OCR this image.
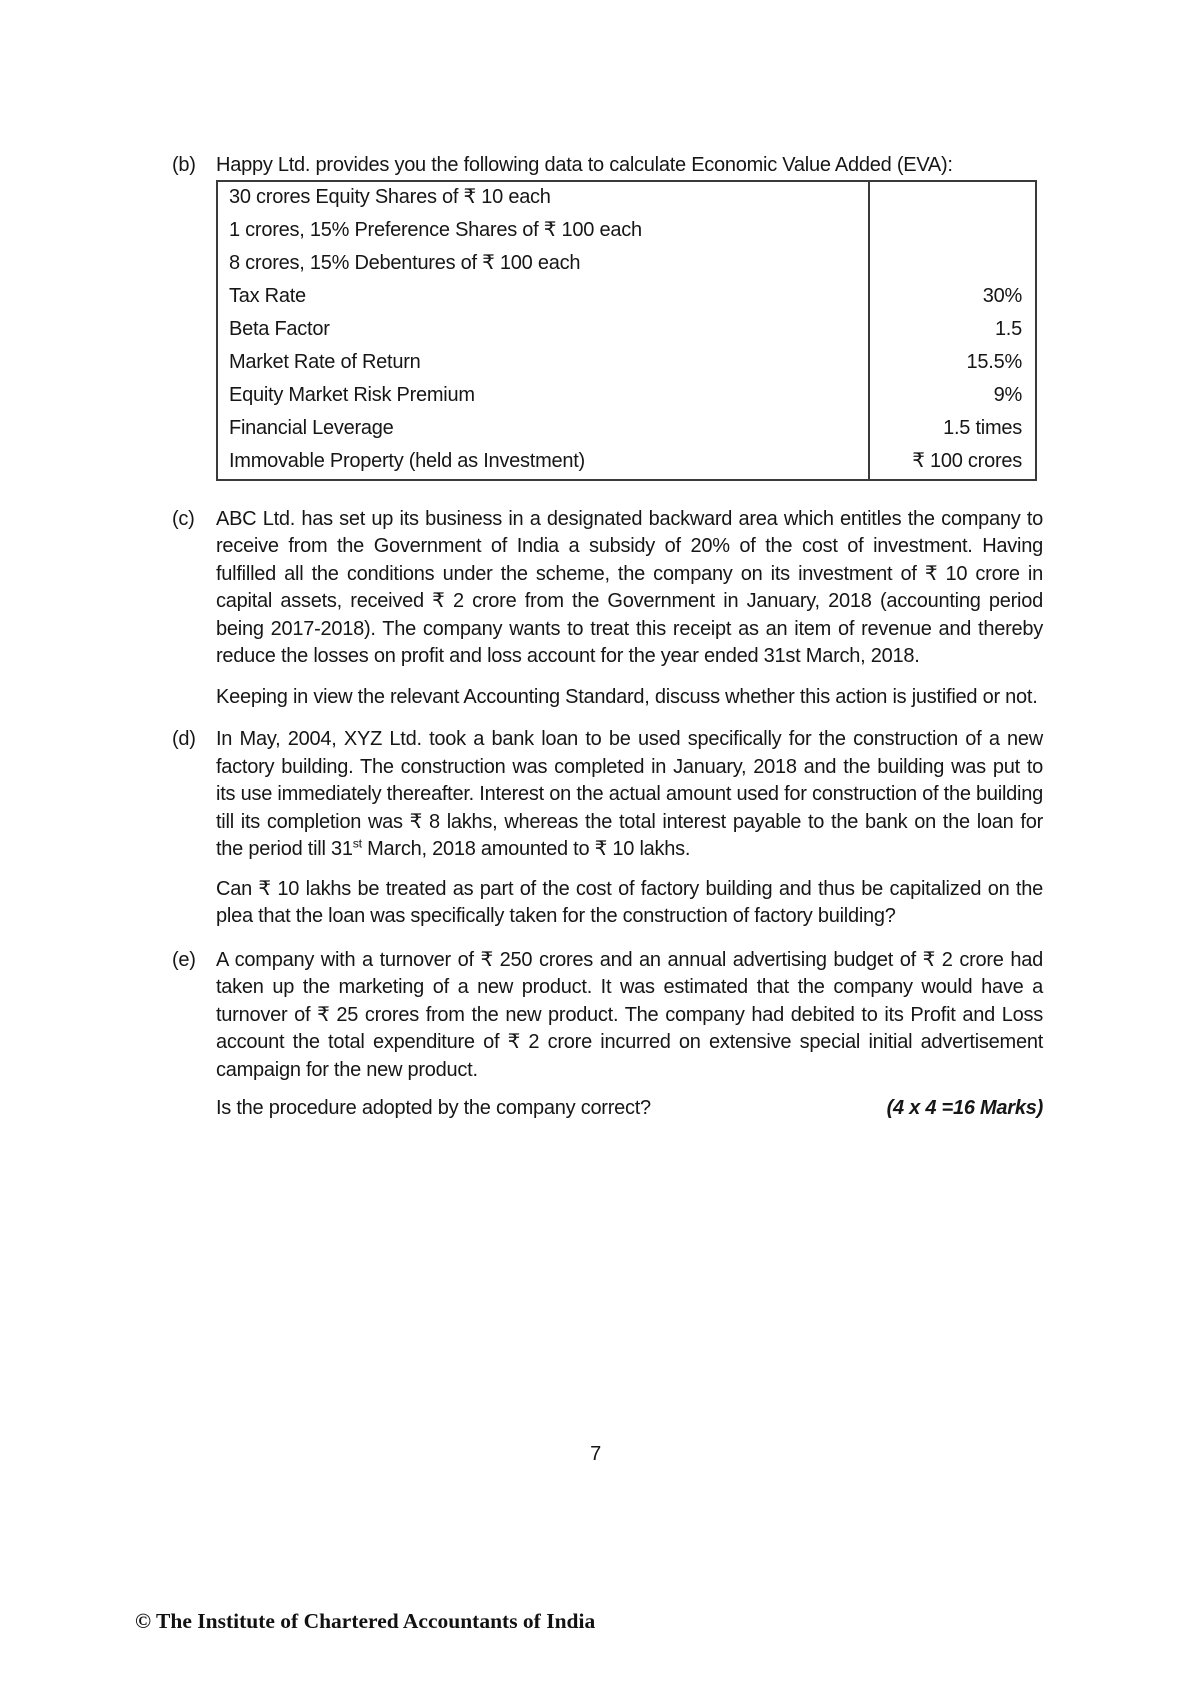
(b)	Happy Ltd. provides you the following data to calculate Economic Value Added (EVA):

30 crores Equity Shares of ₹ 10 each
1 crores, 15% Preference Shares of ₹ 100 each
8 crores, 15% Debentures of ₹ 100 each
Tax Rate	30%
Beta Factor	1.5
Market Rate of Return	15.5%
Equity Market Risk Premium	9%
Financial Leverage	1.5 times
Immovable Property (held as Investment)	₹ 100 crores
(c)	ABC Ltd. has set up its business in a designated backward area which entitles the company to receive from the Government of India a subsidy of 20% of the cost of investment. Having fulfilled all the conditions under the scheme, the company on its investment of ₹ 10 crore in capital assets, received ₹ 2 crore from the Government in January, 2018 (accounting period being 2017-2018). The company wants to treat this receipt as an item of revenue and thereby reduce the losses on profit and loss account for the year ended 31st March, 2018.

Keeping in view the relevant Accounting Standard, discuss whether this action is justified or not.

(d)	In May, 2004, XYZ Ltd. took a bank loan to be used specifically for the construction of a new factory building. The construction was completed in January, 2018 and the building was put to its use immediately thereafter. Interest on the actual amount used for construction of the building till its completion was ₹ 8 lakhs, whereas the total interest payable to the bank on the loan for the period till 31st March, 2018 amounted to ₹ 10 lakhs.

Can ₹ 10 lakhs be treated as part of the cost of factory building and thus be capitalized on the plea that the loan was specifically taken for the construction of factory building?

(e)	A company with a turnover of ₹ 250 crores and an annual advertising budget of ₹ 2 crore had taken up the marketing of a new product. It was estimated that the company would have a turnover of ₹ 25 crores from the new product. The company had debited to its Profit and Loss account the total expenditure of ₹ 2 crore incurred on extensive special initial advertisement campaign for the new product.

Is the procedure adopted by the company correct?	(4 x 4 =16 Marks)

7
© The Institute of Chartered Accountants of India
